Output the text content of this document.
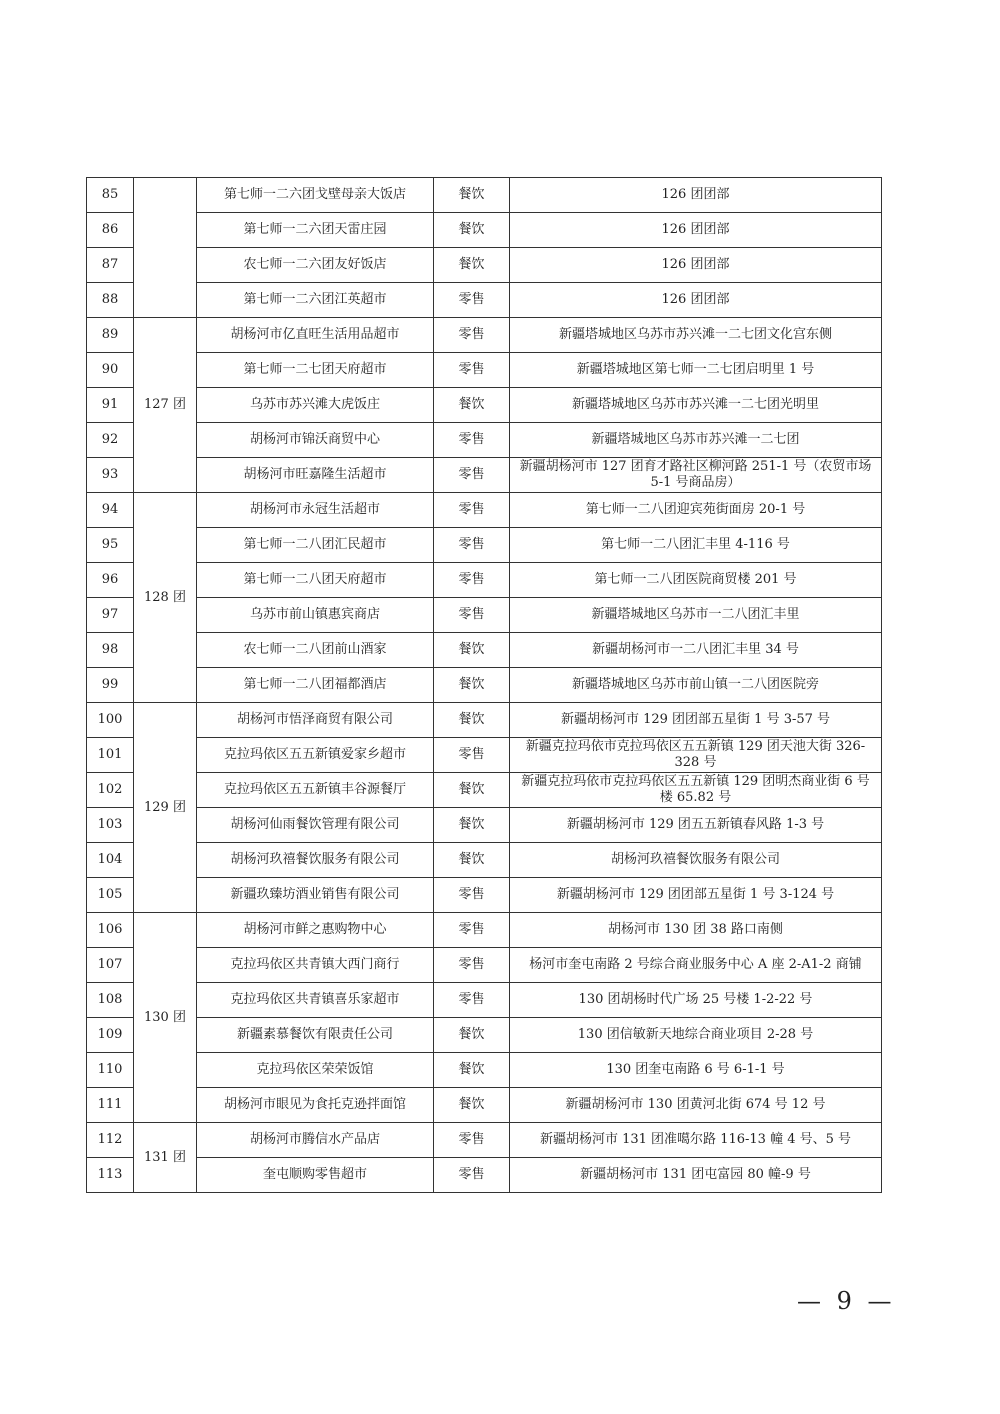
85		第七师一二六团戈壁母亲大饭店	餐饮	126 团团部
86		第七师一二六团天雷庄园	餐饮	126 团团部
87		农七师一二六团友好饭店	餐饮	126 团团部
88		第七师一二六团江英超市	零售	126 团团部
89	127 团	胡杨河市亿直旺生活用品超市	零售	新疆塔城地区乌苏市苏兴滩一二七团文化宫东侧
90		第七师一二七团天府超市	零售	新疆塔城地区第七师一二七团启明里 1 号
91		乌苏市苏兴滩大虎饭庄	餐饮	新疆塔城地区乌苏市苏兴滩一二七团光明里
92		胡杨河市锦沃商贸中心	零售	新疆塔城地区乌苏市苏兴滩一二七团
93		胡杨河市旺嘉隆生活超市	零售	新疆胡杨河市 127 团育才路社区柳河路 251-1 号（农贸市场 5-1 号商品房）
94	128 团	胡杨河市永冠生活超市	零售	第七师一二八团迎宾苑街面房 20-1 号
95		第七师一二八团汇民超市	零售	第七师一二八团汇丰里 4-116 号
96		第七师一二八团天府超市	零售	第七师一二八团医院商贸楼 201 号
97		乌苏市前山镇惠宾商店	零售	新疆塔城地区乌苏市一二八团汇丰里
98		农七师一二八团前山酒家	餐饮	新疆胡杨河市一二八团汇丰里 34 号
99		第七师一二八团福都酒店	餐饮	新疆塔城地区乌苏市前山镇一二八团医院旁
100	129 团	胡杨河市悟泽商贸有限公司	餐饮	新疆胡杨河市 129 团团部五星街 1 号 3-57 号
101		克拉玛依区五五新镇爱家乡超市	零售	新疆克拉玛依市克拉玛依区五五新镇 129 团天池大街 326-328 号
102		克拉玛依区五五新镇丰谷源餐厅	餐饮	新疆克拉玛依市克拉玛依区五五新镇 129 团明杰商业街 6 号楼 65.82 号
103		胡杨河仙雨餐饮管理有限公司	餐饮	新疆胡杨河市 129 团五五新镇春风路 1-3 号
104		胡杨河玖禧餐饮服务有限公司	餐饮	胡杨河玖禧餐饮服务有限公司
105		新疆玖臻坊酒业销售有限公司	零售	新疆胡杨河市 129 团团部五星街 1 号 3-124 号
106	130 团	胡杨河市鲜之惠购物中心	零售	胡杨河市 130 团 38 路口南侧
107		克拉玛依区共青镇大西门商行	零售	杨河市奎屯南路 2 号综合商业服务中心 A 座 2-A1-2 商铺
108		克拉玛依区共青镇喜乐家超市	零售	130 团胡杨时代广场 25 号楼 1-2-22 号
109		新疆素慕餐饮有限责任公司	餐饮	130 团信敏新天地综合商业项目 2-28 号
110		克拉玛依区荣荣饭馆	餐饮	130 团奎屯南路 6 号 6-1-1 号
111		胡杨河市眼见为食托克逊拌面馆	餐饮	新疆胡杨河市 130 团黄河北街 674 号 12 号
112	131 团	胡杨河市腾信水产品店	零售	新疆胡杨河市 131 团准噶尔路 116-13 幢 4 号、5 号
113		奎屯顺购零售超市	零售	新疆胡杨河市 131 团屯富园 80 幢-9 号
— 9 —
